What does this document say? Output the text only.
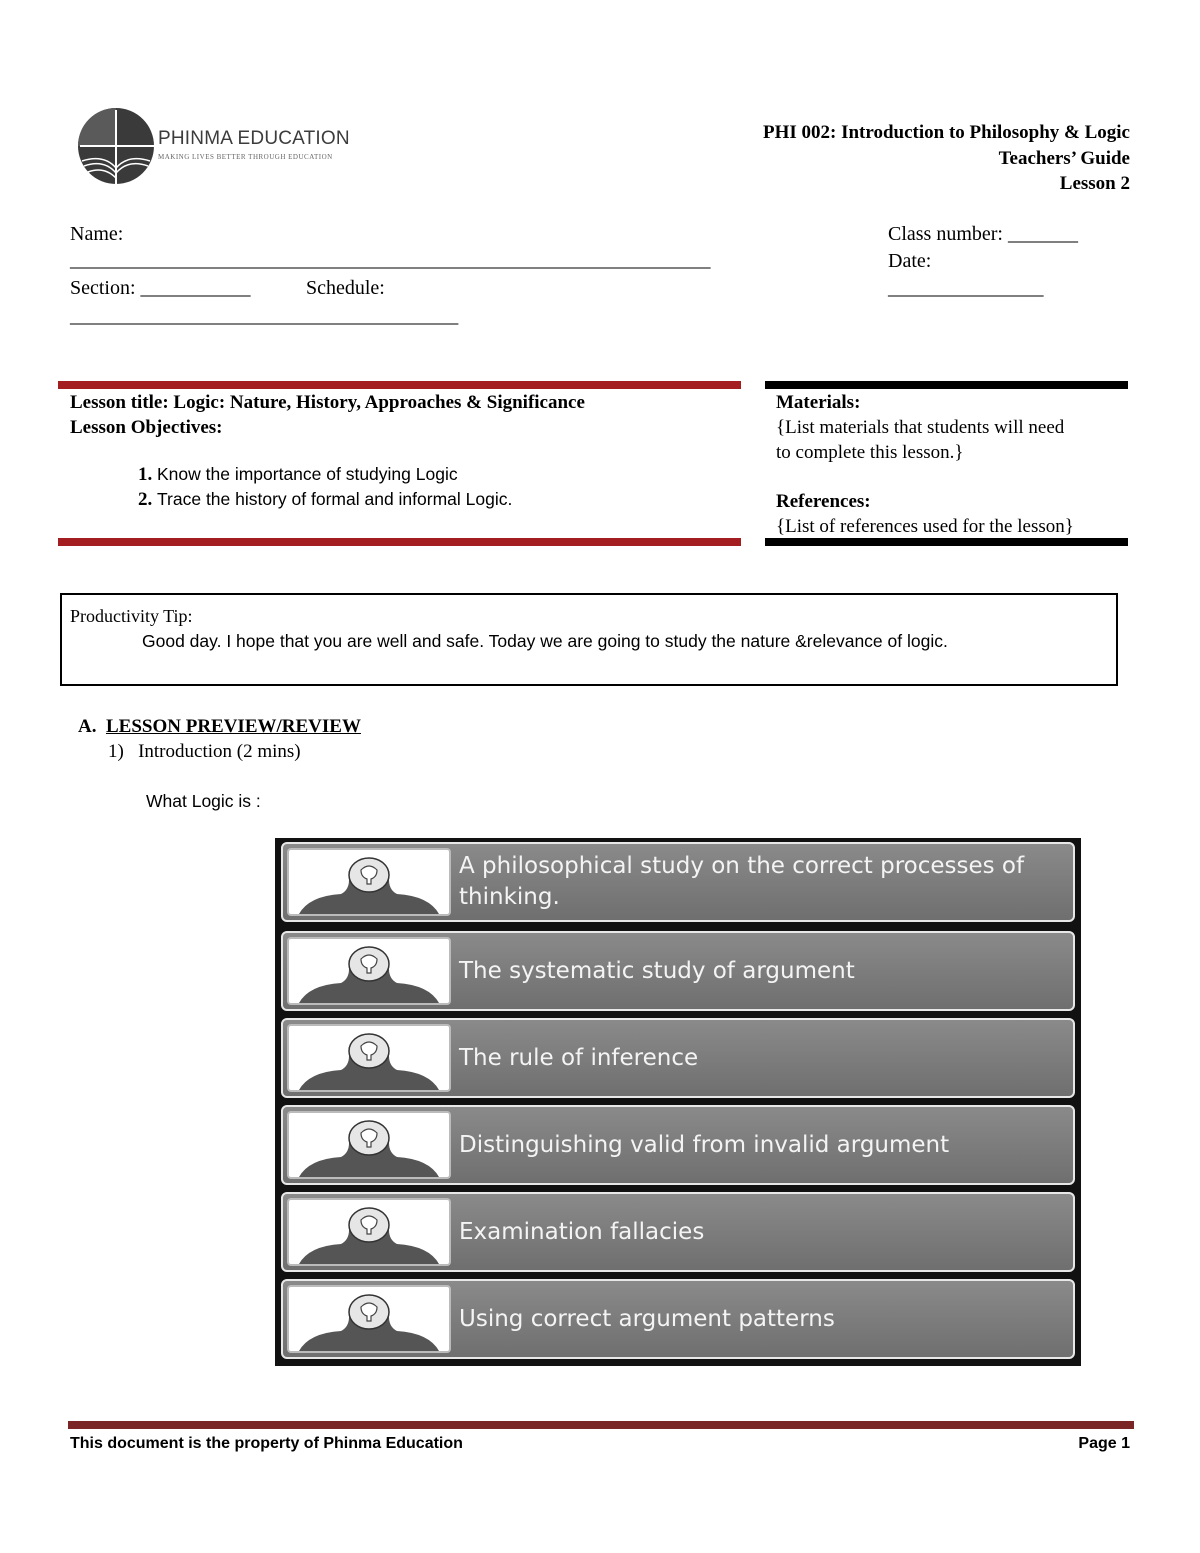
PHINMA EDUCATION
MAKING LIVES BETTER THROUGH EDUCATION
PHI 002: Introduction to Philosophy & Logic
Teachers’ Guide
Lesson 2
Name:
__________________________________________________________________
Section: ___________	Schedule:
________________________________________
Class number: _______
Date:
________________
Lesson title: Logic: Nature, History, Approaches & Significance
Lesson Objectives:
1. Know the importance of studying Logic
2. Trace the history of formal and informal Logic.
Materials:
{List materials that students will need
to complete this lesson.}
References:
{List of references used for the lesson}
Productivity Tip:
Good day. I hope that you are well and safe. Today we are going to study the nature &relevance of logic.
A. LESSON PREVIEW/REVIEW
1) Introduction (2 mins)
What Logic is :
A philosophical study on the correct processes of thinking.
The systematic study of argument
The rule of inference
Distinguishing valid from invalid argument
Examination fallacies
Using correct argument patterns
This document is the property of Phinma Education	Page 1
